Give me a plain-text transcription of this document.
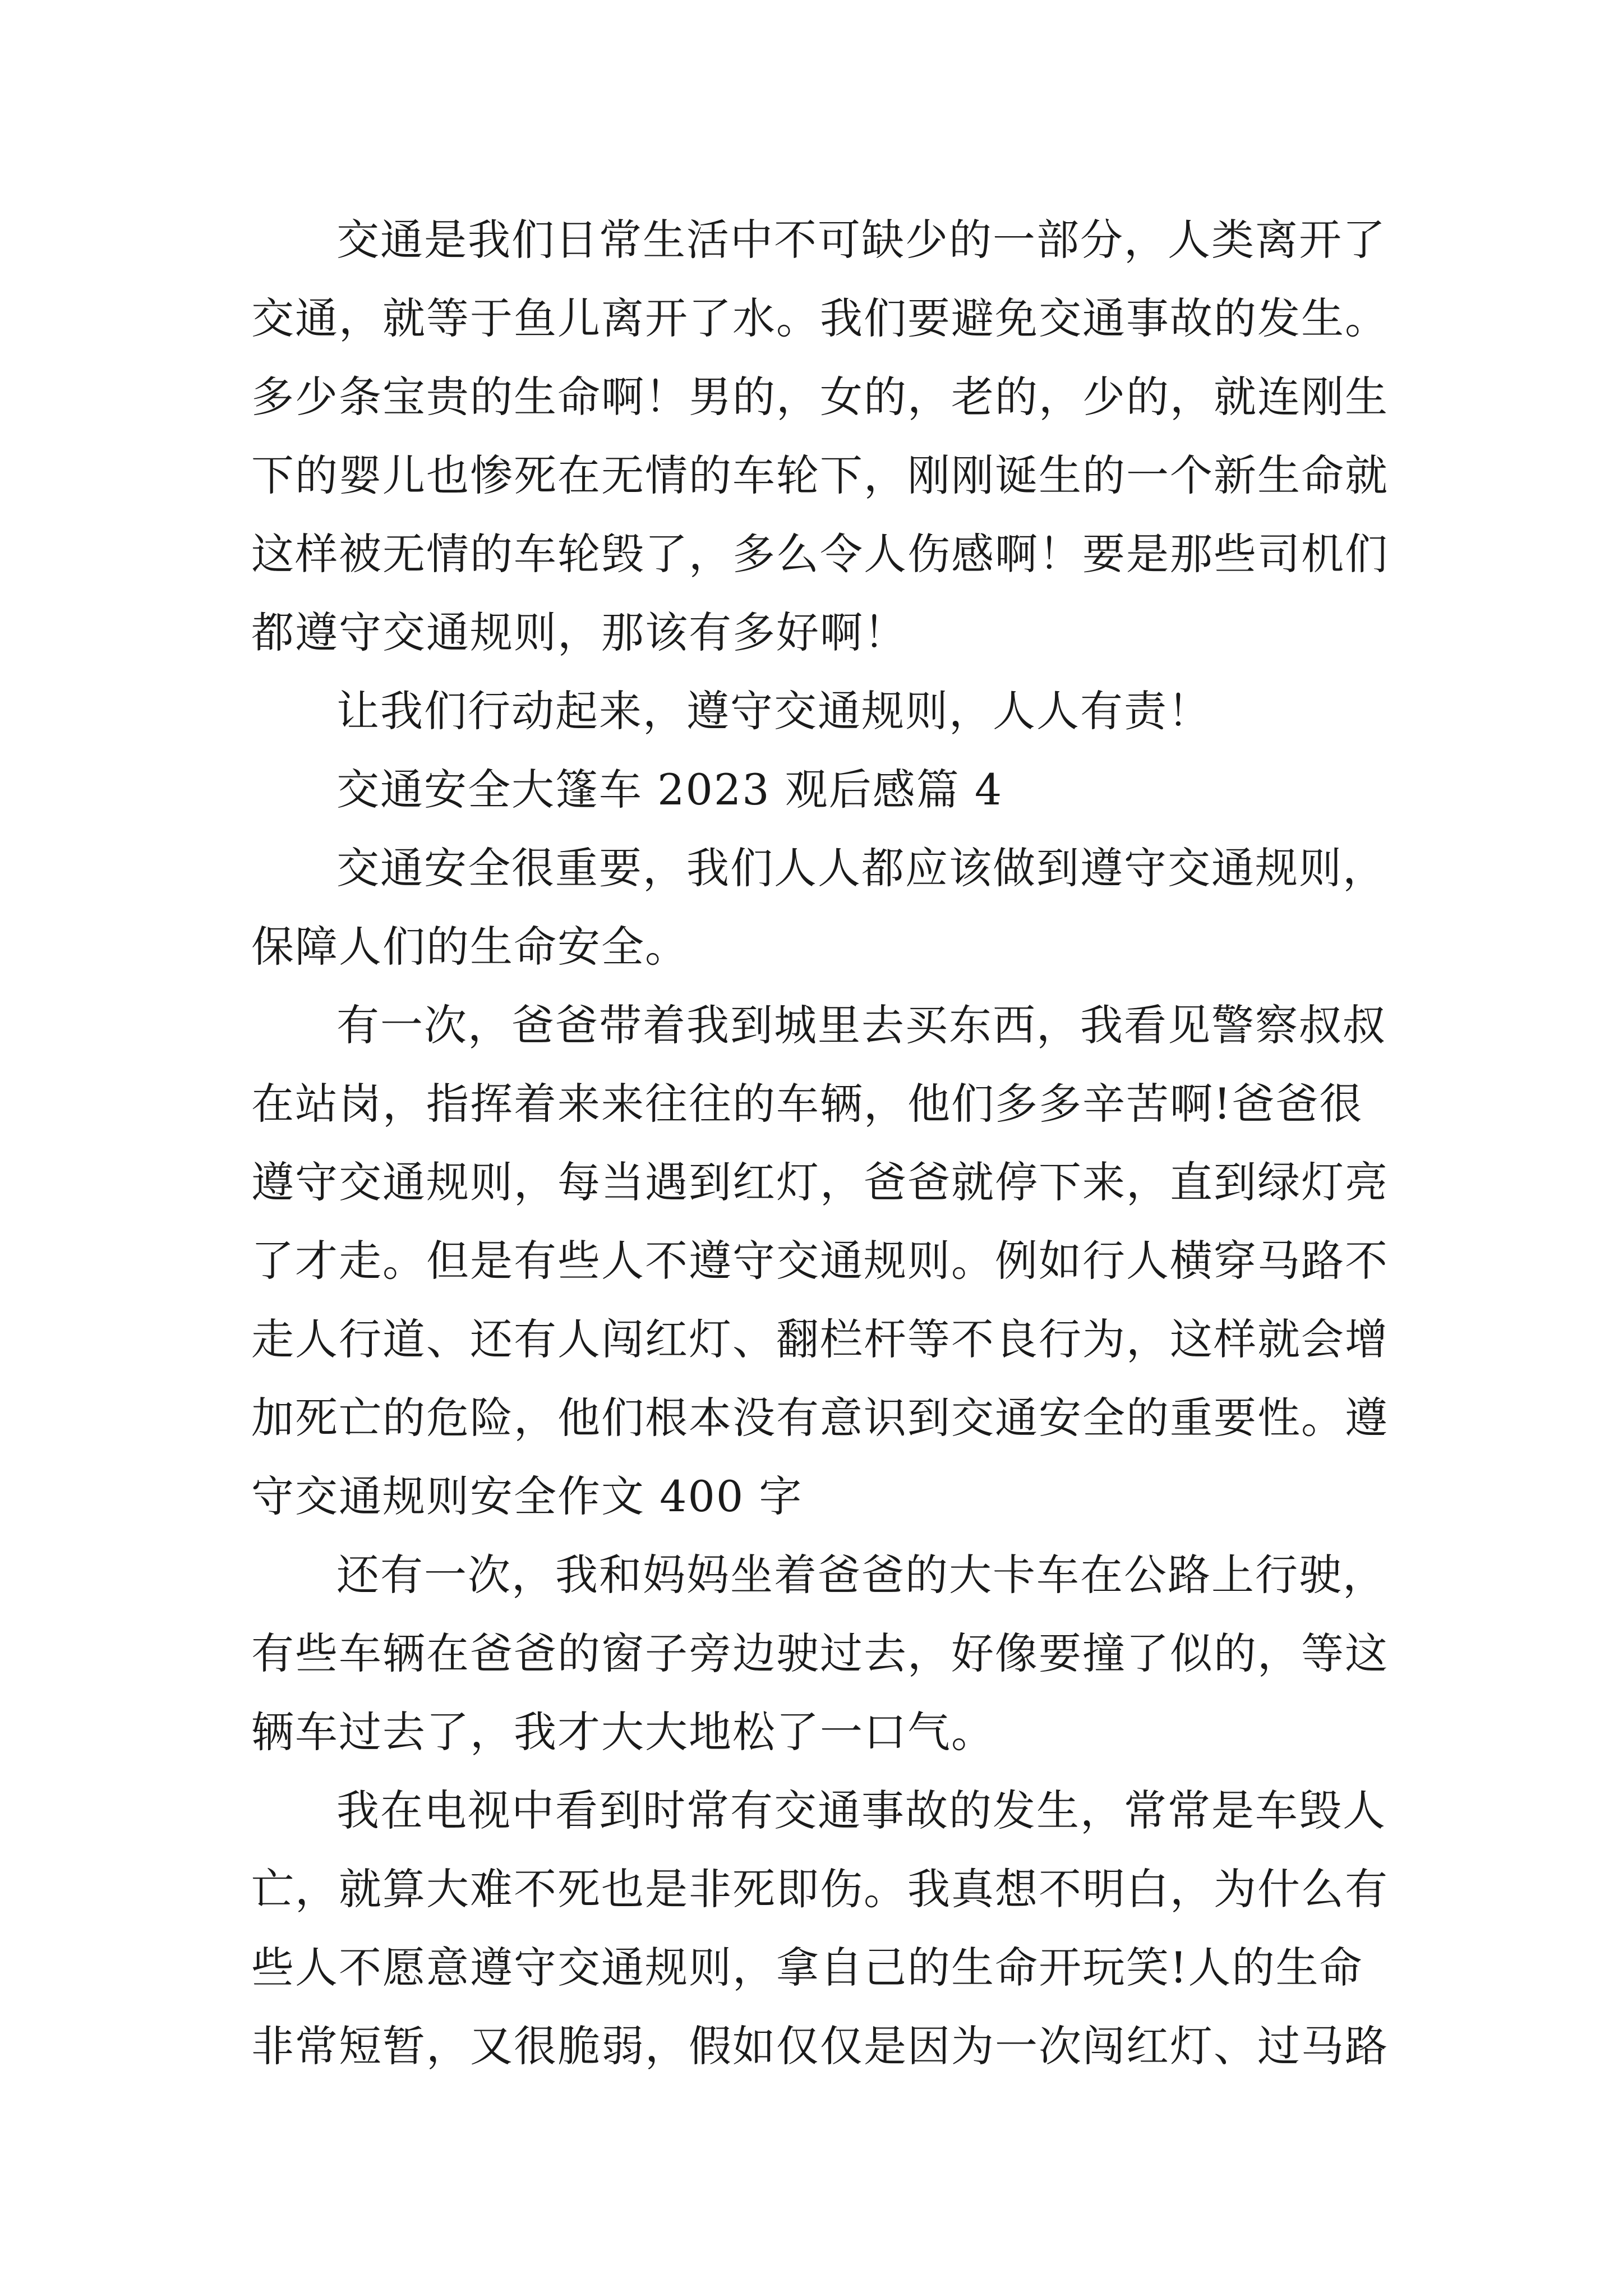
交通是我们日常生活中不可缺少的一部分，人类离开了
交通，就等于鱼儿离开了水。我们要避免交通事故的发生。
多少条宝贵的生命啊！男的，女的，老的，少的，就连刚生
下的婴儿也惨死在无情的车轮下，刚刚诞生的一个新生命就
这样被无情的车轮毁了，多么令人伤感啊！要是那些司机们
都遵守交通规则，那该有多好啊！
让我们行动起来，遵守交通规则，人人有责！
交通安全大篷车 2023 观后感篇 4
交通安全很重要，我们人人都应该做到遵守交通规则，
保障人们的生命安全。
有一次，爸爸带着我到城里去买东西，我看见警察叔叔
在站岗，指挥着来来往往的车辆，他们多多辛苦啊!爸爸很
遵守交通规则，每当遇到红灯，爸爸就停下来，直到绿灯亮
了才走。但是有些人不遵守交通规则。例如行人横穿马路不
走人行道、还有人闯红灯、翻栏杆等不良行为，这样就会增
加死亡的危险，他们根本没有意识到交通安全的重要性。遵
守交通规则安全作文 400 字
还有一次，我和妈妈坐着爸爸的大卡车在公路上行驶，
有些车辆在爸爸的窗子旁边驶过去，好像要撞了似的，等这
辆车过去了，我才大大地松了一口气。
我在电视中看到时常有交通事故的发生，常常是车毁人
亡，就算大难不死也是非死即伤。我真想不明白，为什么有
些人不愿意遵守交通规则，拿自己的生命开玩笑!人的生命
非常短暂，又很脆弱，假如仅仅是因为一次闯红灯、过马路
